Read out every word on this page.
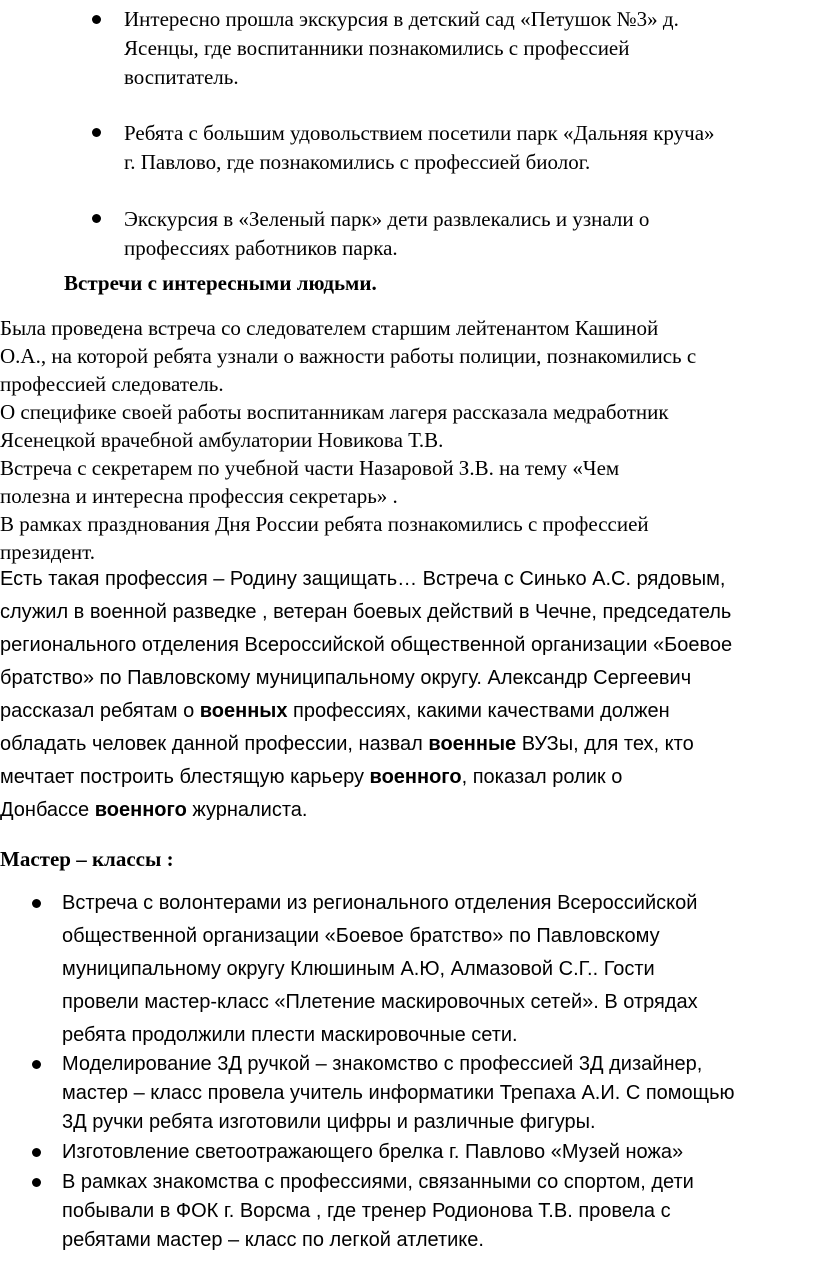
Интересно прошла экскурсия в детский сад «Петушок №3» д.
Ясенцы, где воспитанники познакомились с профессией
воспитатель.
Ребята с большим удовольствием посетили парк «Дальняя круча»
г. Павлово, где познакомились с профессией биолог.
Экскурсия в «Зеленый парк» дети развлекались и узнали о
профессиях работников парка.
Встречи с интересными людьми.
Была проведена встреча со следователем старшим лейтенантом Кашиной
О.А., на которой ребята узнали о важности работы полиции, познакомились с
профессией следователь.
О специфике своей работы воспитанникам лагеря рассказала медработник
Ясенецкой врачебной амбулатории Новикова Т.В.
Встреча с секретарем по учебной части Назаровой З.В. на тему «Чем
полезна и интересна профессия секретарь» .
В рамках празднования Дня России ребята познакомились с профессией
президент.
Есть такая профессия – Родину защищать… Встреча с Синько А.С. рядовым,
служил в военной разведке , ветеран боевых действий в Чечне, председатель
регионального отделения Всероссийской общественной организации «Боевое
братство» по Павловскому муниципальному округу. Александр Сергеевич
рассказал ребятам о военных профессиях, какими качествами должен
обладать человек данной профессии, назвал военные ВУЗы, для тех, кто
мечтает построить блестящую карьеру военного, показал ролик о
Донбассе военного журналиста.
Мастер – классы :
Встреча с волонтерами из регионального отделения Всероссийской
общественной организации «Боевое братство» по Павловскому
муниципальному округу Клюшиным А.Ю, Алмазовой С.Г.. Гости
провели мастер-класс «Плетение маскировочных сетей». В отрядах
ребята продолжили плести маскировочные сети.
Моделирование 3Д ручкой – знакомство с профессией 3Д дизайнер,
мастер – класс провела учитель информатики Трепаха А.И. С помощью
3Д ручки ребята изготовили цифры и различные фигуры.
Изготовление светоотражающего брелка г. Павлово «Музей ножа»
В рамках знакомства с профессиями, связанными со спортом, дети
побывали в ФОК г. Ворсма , где тренер Родионова Т.В. провела с
ребятами мастер – класс по легкой атлетике.
